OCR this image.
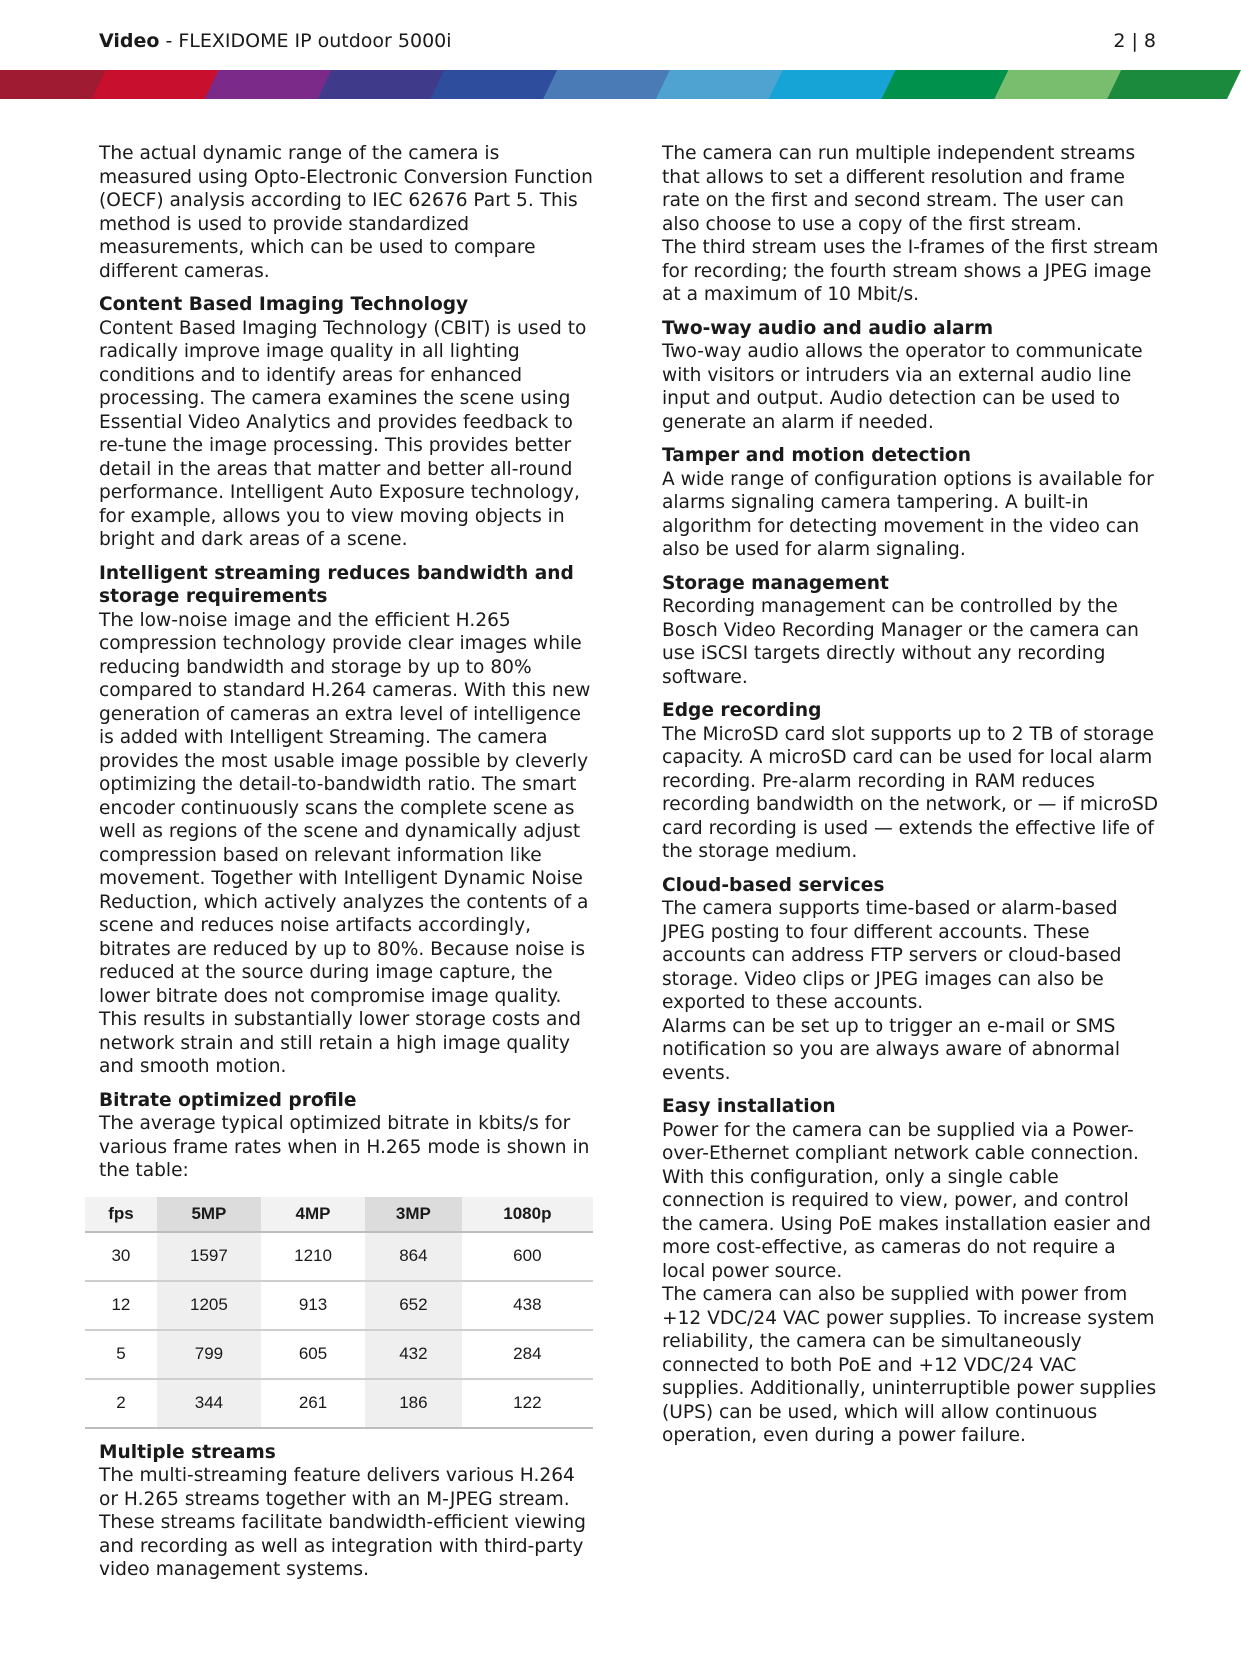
Video - FLEXIDOME IP outdoor 5000i	2 | 8

The actual dynamic range of the camera is measured using Opto-Electronic Conversion Function (OECF) analysis according to IEC 62676 Part 5. This method is used to provide standardized measurements, which can be used to compare different cameras.

Content Based Imaging Technology

Content Based Imaging Technology (CBIT) is used to radically improve image quality in all lighting conditions and to identify areas for enhanced processing. The camera examines the scene using Essential Video Analytics and provides feedback to re-tune the image processing. This provides better detail in the areas that matter and better all-round performance. Intelligent Auto Exposure technology, for example, allows you to view moving objects in bright and dark areas of a scene.

Intelligent streaming reduces bandwidth and storage requirements

The low-noise image and the efficient H.265 compression technology provide clear images while reducing bandwidth and storage by up to 80% compared to standard H.264 cameras. With this new generation of cameras an extra level of intelligence is added with Intelligent Streaming. The camera provides the most usable image possible by cleverly optimizing the detail-to-bandwidth ratio. The smart encoder continuously scans the complete scene as well as regions of the scene and dynamically adjust compression based on relevant information like movement. Together with Intelligent Dynamic Noise Reduction, which actively analyzes the contents of a scene and reduces noise artifacts accordingly, bitrates are reduced by up to 80%. Because noise is reduced at the source during image capture, the lower bitrate does not compromise image quality. This results in substantially lower storage costs and network strain and still retain a high image quality and smooth motion.

Bitrate optimized profile

The average typical optimized bitrate in kbits/s for various frame rates when in H.265 mode is shown in the table:

fps	5MP	4MP	3MP	1080p
30	1597	1210	864	600
12	1205	913	652	438
5	799	605	432	284
2	344	261	186	122
Multiple streams

The multi-streaming feature delivers various H.264 or H.265 streams together with an M-JPEG stream. These streams facilitate bandwidth-efficient viewing and recording as well as integration with third-party video management systems.

The camera can run multiple independent streams that allows to set a different resolution and frame rate on the first and second stream. The user can also choose to use a copy of the first stream.

The third stream uses the I-frames of the first stream for recording; the fourth stream shows a JPEG image at a maximum of 10 Mbit/s.

Two-way audio and audio alarm

Two-way audio allows the operator to communicate with visitors or intruders via an external audio line input and output. Audio detection can be used to generate an alarm if needed.

Tamper and motion detection

A wide range of configuration options is available for alarms signaling camera tampering. A built-in algorithm for detecting movement in the video can also be used for alarm signaling.

Storage management

Recording management can be controlled by the Bosch Video Recording Manager or the camera can use iSCSI targets directly without any recording software.

Edge recording

The MicroSD card slot supports up to 2 TB of storage capacity. A microSD card can be used for local alarm recording. Pre-alarm recording in RAM reduces recording bandwidth on the network, or — if microSD card recording is used — extends the effective life of the storage medium.

Cloud-based services

The camera supports time-based or alarm-based JPEG posting to four different accounts. These accounts can address FTP servers or cloud-based storage. Video clips or JPEG images can also be exported to these accounts.

Alarms can be set up to trigger an e-mail or SMS notification so you are always aware of abnormal events.

Easy installation

Power for the camera can be supplied via a Power-over-Ethernet compliant network cable connection. With this configuration, only a single cable connection is required to view, power, and control the camera. Using PoE makes installation easier and more cost-effective, as cameras do not require a local power source.

The camera can also be supplied with power from +12 VDC/24 VAC power supplies. To increase system reliability, the camera can be simultaneously connected to both PoE and +12 VDC/24 VAC supplies. Additionally, uninterruptible power supplies (UPS) can be used, which will allow continuous operation, even during a power failure.
